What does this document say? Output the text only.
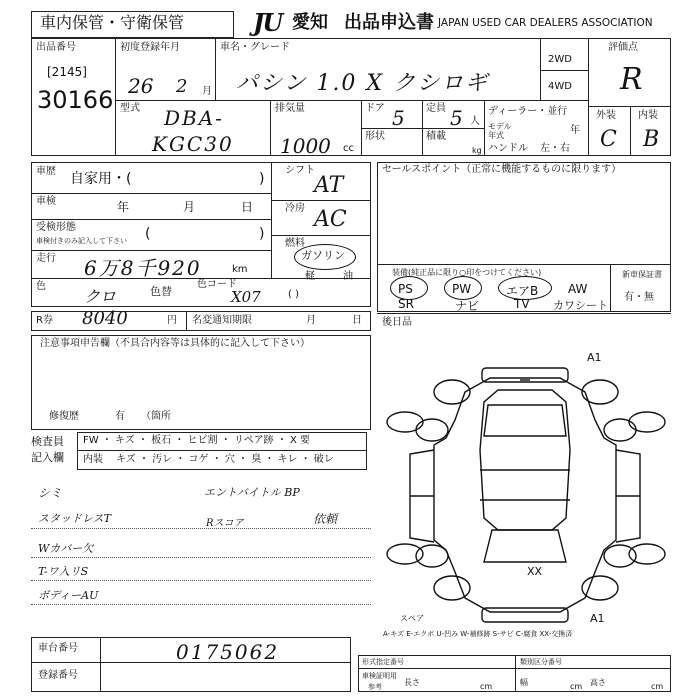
車内保管・守衛保管	JU 愛知 出品申込書 JAPAN USED CAR DEALERS ASSOCIATION
出品番号
[2145]
30166
初度登録年月
26 2 月
車名・グレード
パシン 1.0 X クシロギ
2WD
4WD
評価点
R
外装 内装
C B
型式 DBA-
KGC30
排気量
1000 cc
ドア 5 定員 5 人
形状	積載
kg
ディーラー・並行
モデル年式	年
ハンドル 左・右
車歴 自家用・(	)
車検	年	月	日
受検形態
車検付きのみ記入して下さい (	)
走行 6万8千920	km
色
クロ	色替
色コード
X07
シフト
AT
冷房 AC
燃料
ガソリン
軽	油
( )
セールスポイント（正常に機能するものに限ります）
装備(純正品に限り○印をつけてください)
PS	PW	エアB AW
SR	ナビ	TV カワシート
新車保証書
有・無
R券 8040	円 名変通知期限	月	日
注意事項申告欄（不具合内容等は具体的に記入して下さい）
修復歴	有 （箇所
後日品
検査員
記入欄
FW ・ キズ ・ 板石 ・ ヒビ割 ・ リペア跡 ・ X 要
内装 キズ ・ 汚レ ・ コゲ ・ 穴 ・ 臭 ・ キレ ・ 破レ
シミ	エントバイトル BP
スタッドレスT	Rスコア	依頼
Wカバー欠
T-ワ入リS
ボディーAU
A1
A1
XX
スペア
A-キズ E-エクボ U-凹み W-補修跡 S-サビ C-腐食 XX-交換済
車台番号	0175062
登録番号
形式指定番号	類別区分番号
車検証明用
参考	長さ	cm	幅	cm 高さ	cm
